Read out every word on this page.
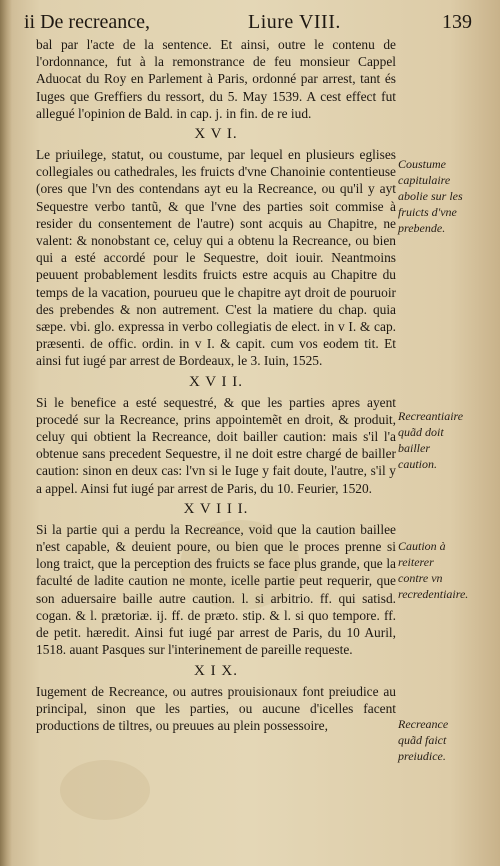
ii De recreance,	Liure VIII.	139

bal par l'acte de la sentence. Et ainsi, outre le contenu de l'ordonnance, fut à la remonstrance de feu monsieur Cappel Aduocat du Roy en Parlement à Paris, ordonné par arrest, tant és Iuges que Greffiers du ressort, du 5. May 1539. A cest effect fut allegué l'opinion de Bald. in cap. j. in fin. de re iud.

X V I.

Le priuilege, statut, ou coustume, par lequel en plusieurs eglises collegiales ou cathedrales, les fruicts d'vne Chanoinie contentieuse (ores que l'vn des contendans ayt eu la Recreance, ou qu'il y ayt Sequestre verbo tantũ, & que l'vne des parties soit commise à resider du consentement de l'autre) sont acquis au Chapitre, ne valent: & nonobstant ce, celuy qui a obtenu la Recreance, ou bien qui a esté accordé pour le Sequestre, doit iouir. Neantmoins peuuent probablement lesdits fruicts estre acquis au Chapitre du temps de la vacation, pourueu que le chapitre ayt droit de pouruoir des prebendes & non autrement. C'est la matiere du chap. quia sæpe. vbi. glo. expressa in verbo collegiatis de elect. in v I. & cap. præsenti. de offic. ordin. in v I. & capit. cum vos eodem tit. Et ainsi fut iugé par arrest de Bordeaux, le 3. Iuin, 1525.

X V I I.

Si le benefice a esté sequestré, & que les parties apres ayent procedé sur la Recreance, prins appointemẽt en droit, & produit, celuy qui obtient la Recreance, doit bailler caution: mais s'il l'a obtenue sans precedent Sequestre, il ne doit estre chargé de bailler caution: sinon en deux cas: l'vn si le Iuge y fait doute, l'autre, s'il y a appel. Ainsi fut iugé par arrest de Paris, du 10. Feurier, 1520.

X V I I I.

Si la partie qui a perdu la Recreance, void que la caution baillee n'est capable, & deuient poure, ou bien que le proces prenne si long traict, que la perception des fruicts se face plus grande, que la faculté de ladite caution ne monte, icelle partie peut requerir, que son aduersaire baille autre caution. l. si arbitrio. ff. qui satisd. cogan. & l. prætoriæ. ij. ff. de præto. stip. & l. si quo tempore. ff. de petit. hæredit. Ainsi fut iugé par arrest de Paris, du 10 Auril, 1518. auant Pasques sur l'interinement de pareille requeste.

X I X.

Iugement de Recreance, ou autres prouisionaux font preiudice au principal, sinon que les parties, ou aucune d'icelles facent productions de tiltres, ou preuues au plein possessoire,

Coustume capitulaire abolie sur les fruicts d'vne prebende.
Recreantiaire quãd doit bailler caution.
Caution à reiterer contre vn recredentiaire.
Recreance quãd faict preiudice.
